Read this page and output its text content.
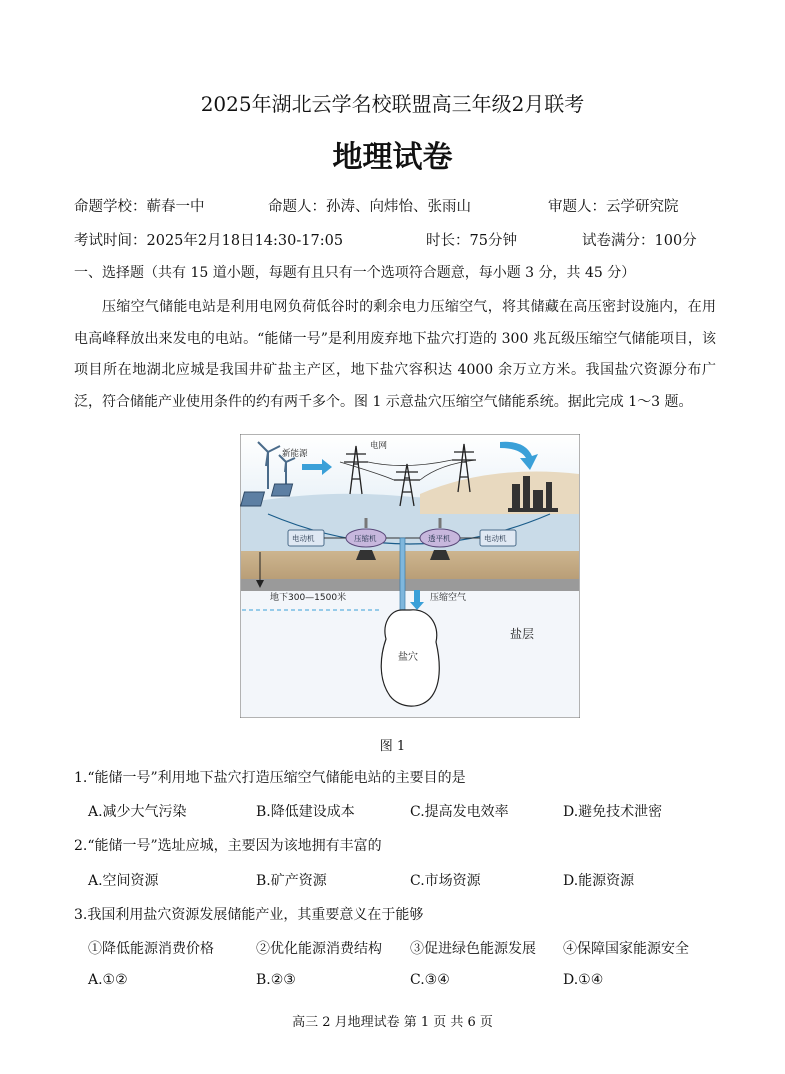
2025年湖北云学名校联盟高三年级2月联考
地理试卷
命题学校：蕲春一中	命题人：孙涛、向炜怡、张雨山	审题人：云学研究院
考试时间：2025年2月18日14:30-17:05	时长：75分钟	试卷满分：100分
一、选择题（共有 15 道小题，每题有且只有一个选项符合题意，每小题 3 分，共 45 分）

压缩空气储能电站是利用电网负荷低谷时的剩余电力压缩空气，将其储藏在高压密封设施内，在用电高峰释放出来发电的电站。“能储一号”是利用废弃地下盐穴打造的 300 兆瓦级压缩空气储能项目，该项目所在地湖北应城是我国井矿盐主产区，地下盐穴容积达 4000 余万立方米。我国盐穴资源分布广泛，符合储能产业使用条件的约有两千多个。图 1 示意盐穴压缩空气储能系统。据此完成 1～3 题。

新能源
电网
电动机	压缩机	透平机	电动机
压缩空气
地下300—1500米
盐层
盐穴
图 1
1.“能储一号”利用地下盐穴打造压缩空气储能电站的主要目的是
A.减少大气污染	B.降低建设成本	C.提高发电效率	D.避免技术泄密
2.“能储一号”选址应城，主要因为该地拥有丰富的
A.空间资源	B.矿产资源	C.市场资源	D.能源资源
3.我国利用盐穴资源发展储能产业，其重要意义在于能够
①降低能源消费价格	②优化能源消费结构 ③促进绿色能源发展 ④保障国家能源安全
A.①②	B.②③	C.③④	D.①④
高三 2 月地理试卷 第 1 页 共 6 页
